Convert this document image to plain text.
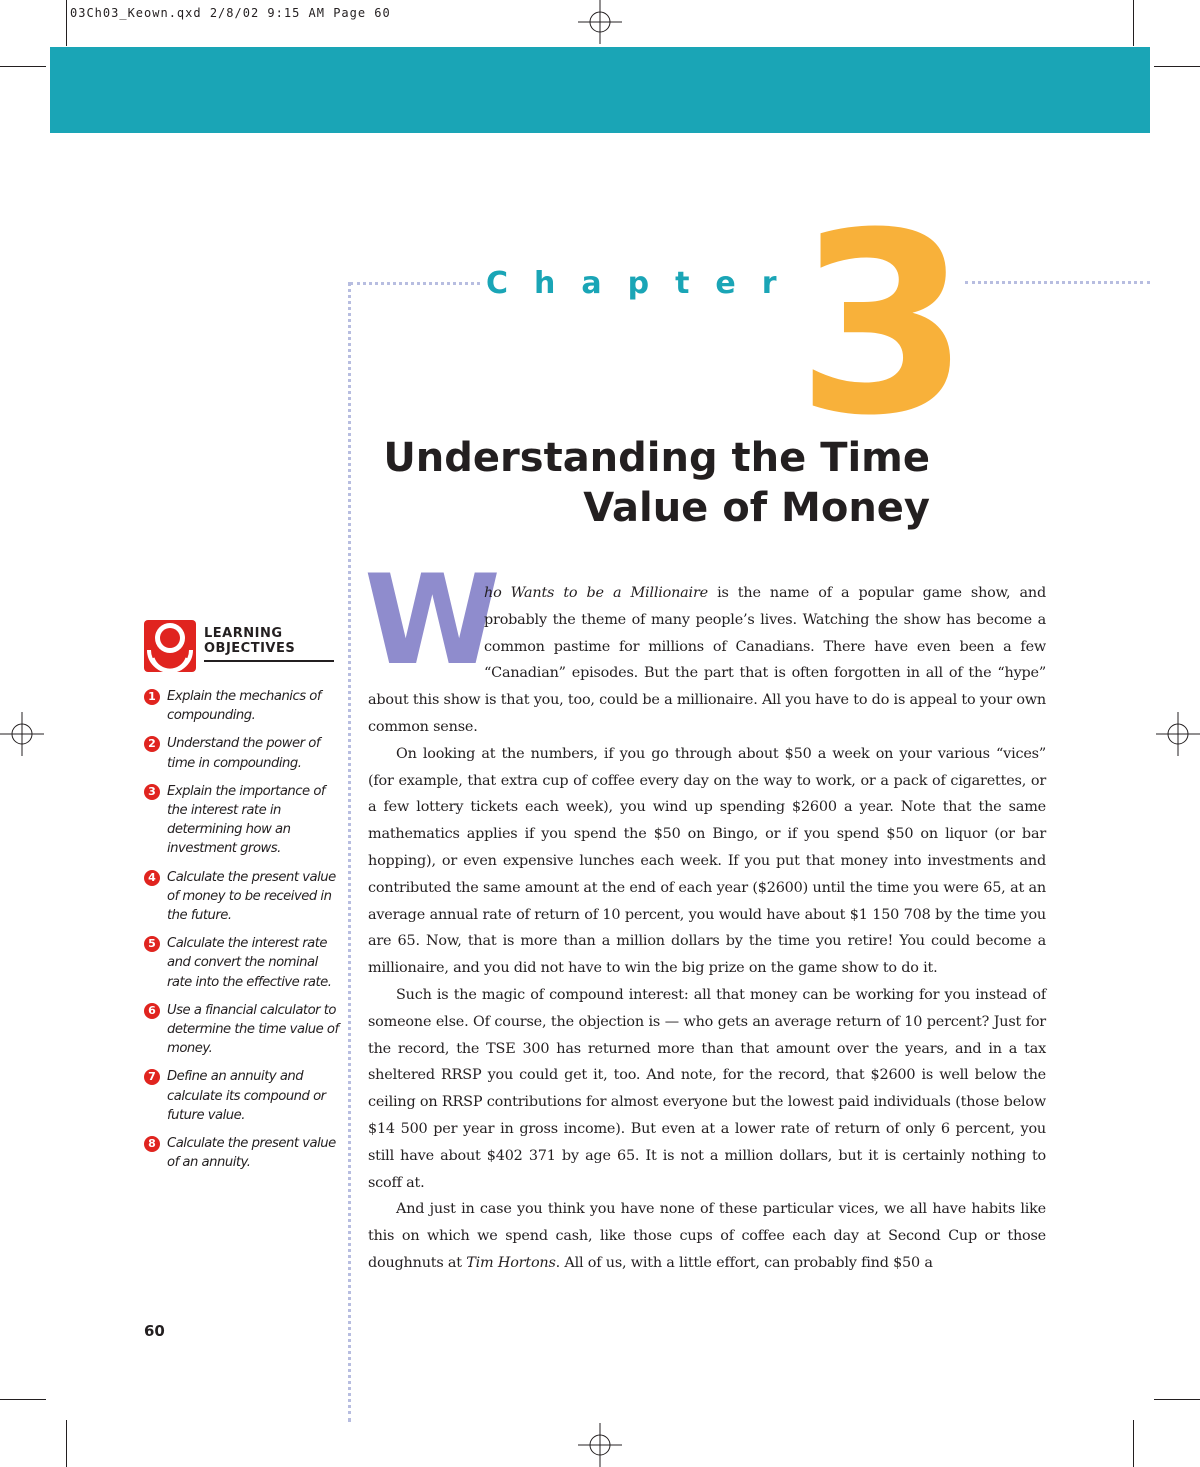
03Ch03_Keown.qxd 2/8/02 9:15 AM Page 60
Chapter
3
Understanding the Time
Value of Money
LEARNING
OBJECTIVES
1 Explain the mechanics of compounding.
2 Understand the power of time in compounding.
3 Explain the importance of the interest rate in determining how an investment grows.
4 Calculate the present value of money to be received in the future.
5 Calculate the interest rate and convert the nominal rate into the effective rate.
6 Use a financial calculator to determine the time value of money.
7 Define an annuity and calculate its compound or future value.
8 Calculate the present value of an annuity.
60
W

ho Wants to be a Millionaire is the name of a popular game show, and probably the theme of many people’s lives. Watching the show has become a common pastime for millions of Canadians. There have even been a few “Canadian” episodes. But the part that is often forgotten in all of the “hype” about this show is that you, too, could be a millionaire. All you have to do is appeal to your own common sense.

On looking at the numbers, if you go through about $50 a week on your various “vices” (for example, that extra cup of coffee every day on the way to work, or a pack of cigarettes, or a few lottery tickets each week), you wind up spending $2600 a year. Note that the same mathematics applies if you spend the $50 on Bingo, or if you spend $50 on liquor (or bar hopping), or even expensive lunches each week. If you put that money into investments and contributed the same amount at the end of each year ($2600) until the time you were 65, at an average annual rate of return of 10 percent, you would have about $1 150 708 by the time you are 65. Now, that is more than a million dollars by the time you retire! You could become a millionaire, and you did not have to win the big prize on the game show to do it.

Such is the magic of compound interest: all that money can be working for you instead of someone else. Of course, the objection is — who gets an average return of 10 percent? Just for the record, the TSE 300 has returned more than that amount over the years, and in a tax sheltered RRSP you could get it, too. And note, for the record, that $2600 is well below the ceiling on RRSP contributions for almost everyone but the lowest paid individuals (those below $14 500 per year in gross income). But even at a lower rate of return of only 6 percent, you still have about $402 371 by age 65. It is not a million dollars, but it is certainly nothing to scoff at.

And just in case you think you have none of these particular vices, we all have habits like this on which we spend cash, like those cups of coffee each day at Second Cup or those doughnuts at Tim Hortons. All of us, with a little effort, can probably find $50 a
